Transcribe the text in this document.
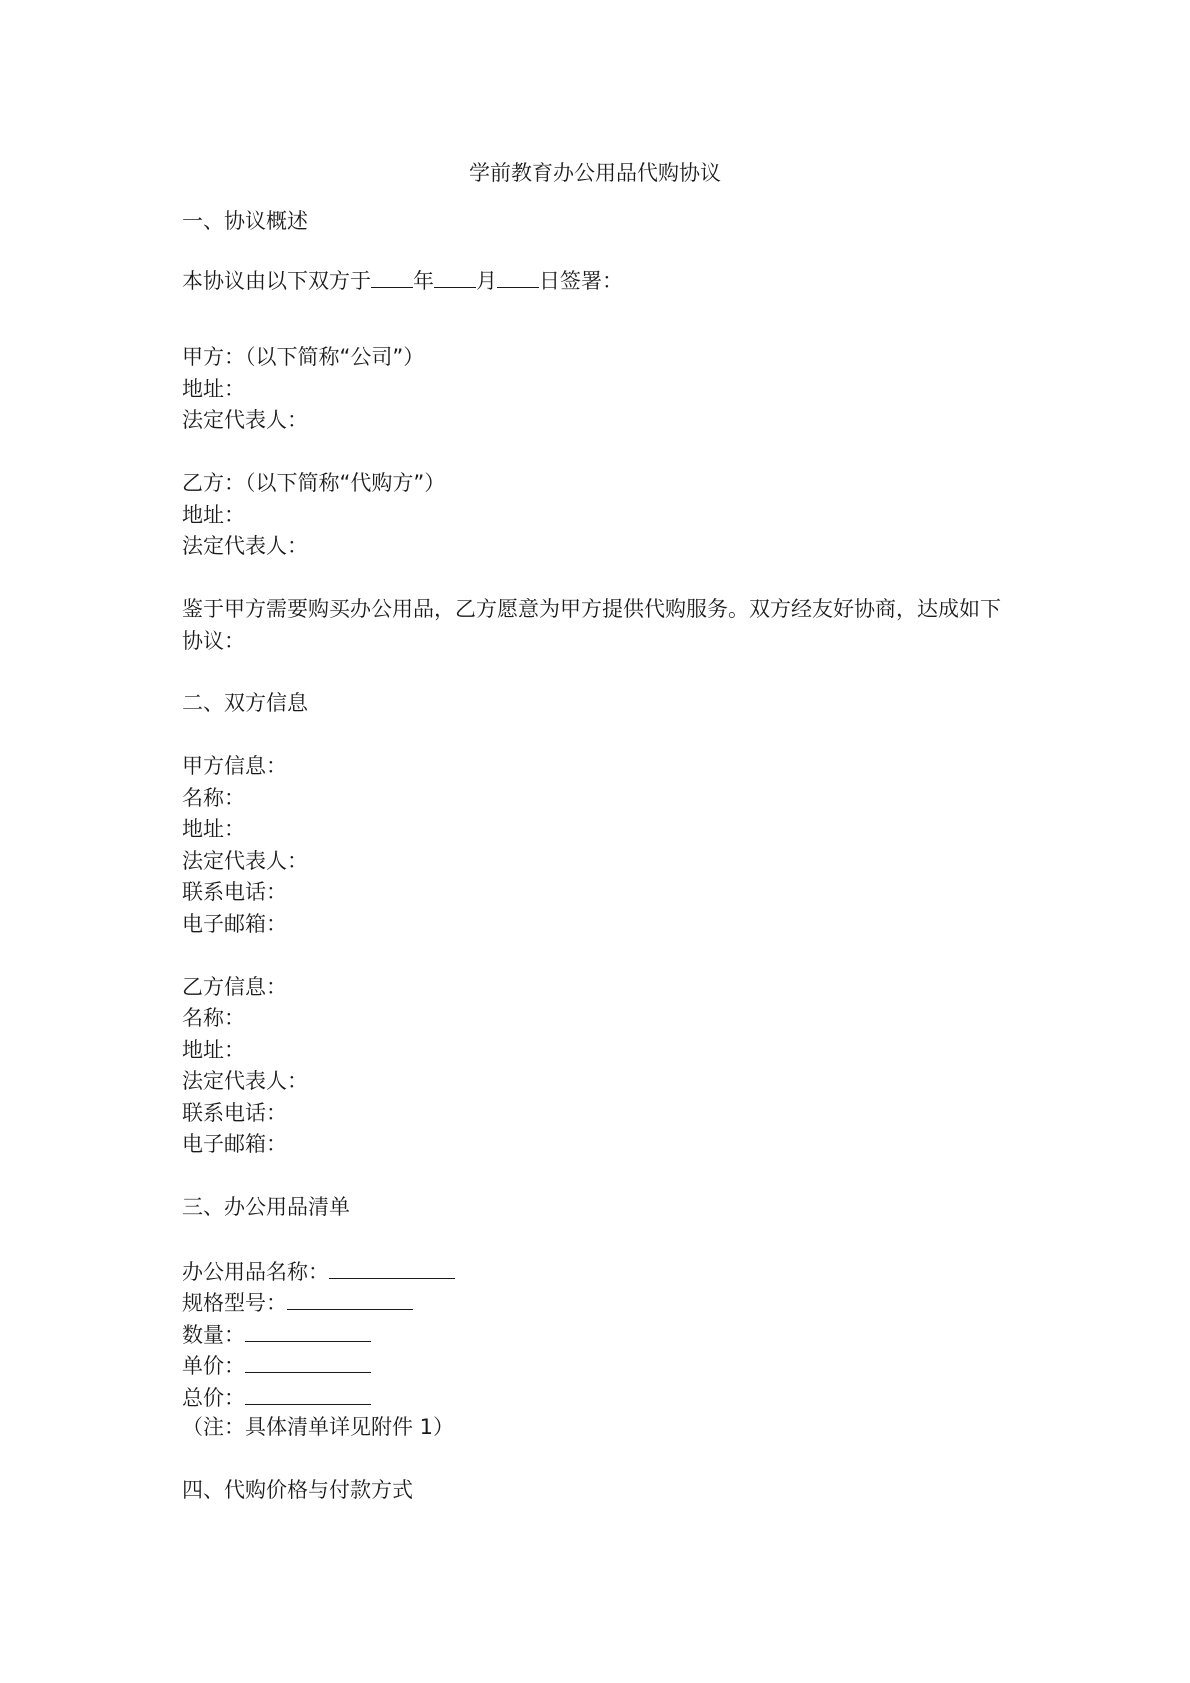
学前教育办公用品代购协议
一、协议概述
本协议由以下双方于 年 月 日签署：
甲方：（以下简称“公司”）
地址：
法定代表人：
乙方：（以下简称“代购方”）
地址：
法定代表人：
鉴于甲方需要购买办公用品，乙方愿意为甲方提供代购服务。双方经友好协商，达成如下
协议：
二、双方信息
甲方信息：
名称：
地址：
法定代表人：
联系电话：
电子邮箱：
乙方信息：
名称：
地址：
法定代表人：
联系电话：
电子邮箱：
三、办公用品清单
办公用品名称：
规格型号：
数量：
单价：
总价：
（注：具体清单详见附件 1）
四、代购价格与付款方式
